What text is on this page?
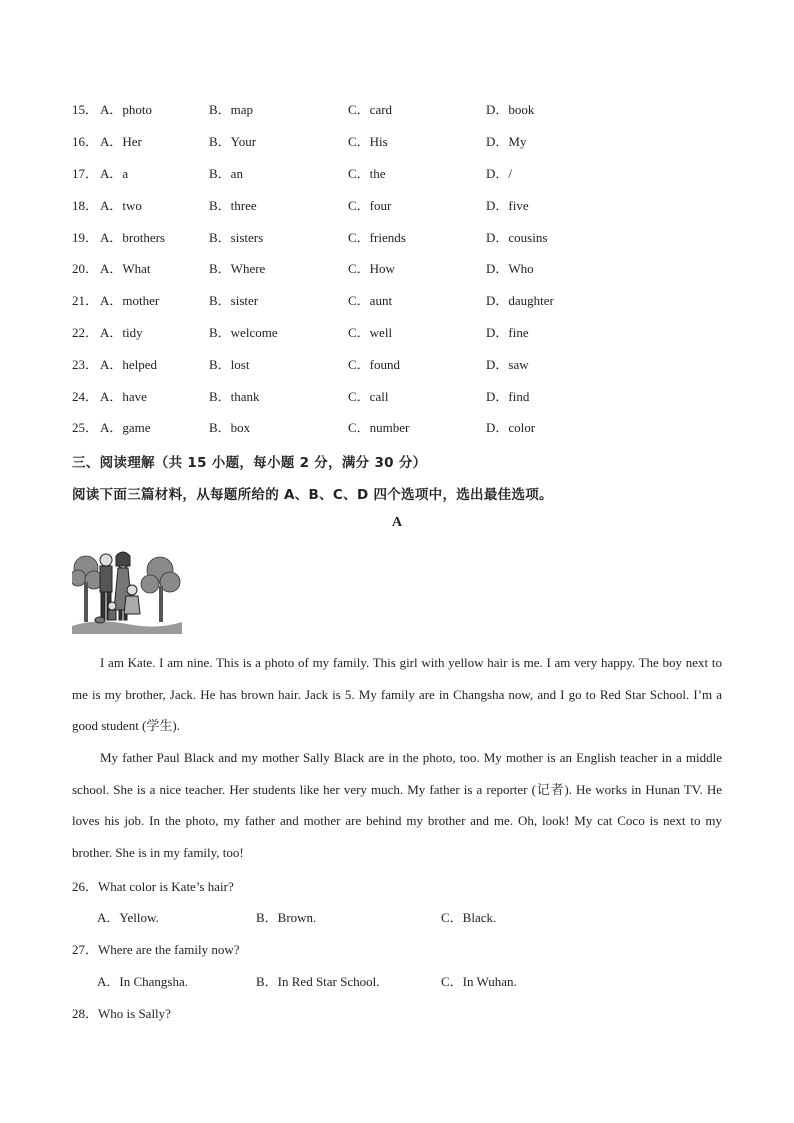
15． A．photo	B．map	C．card	D．book
16． A．Her	B．Your	C．His	D．My
17． A．a	B．an	C．the	D．/
18． A．two	B．three	C．four	D．five
19． A．brothers	B．sisters	C．friends	D．cousins
20． A．What	B．Where	C．How	D．Who
21． A．mother	B．sister	C．aunt	D．daughter
22． A．tidy	B．welcome	C．well	D．fine
23． A．helped	B．lost	C．found	D．saw
24． A．have	B．thank	C．call	D．find
25． A．game	B．box	C．number	D．color
三、阅读理解（共 15 小题，每小题 2 分，满分 30 分）
阅读下面三篇材料，从每题所给的 A、B、C、D 四个选项中，选出最佳选项。
A

I am Kate. I am nine. This is a photo of my family. This girl with yellow hair is me. I am very happy. The boy next to me is my brother, Jack. He has brown hair. Jack is 5. My family are in Changsha now, and I go to Red Star School. I’m a good student (学生).

My father Paul Black and my mother Sally Black are in the photo, too. My mother is an English teacher in a middle school. She is a nice teacher. Her students like her very much. My father is a reporter (记者). He works in Hunan TV. He loves his job. In the photo, my father and mother are behind my brother and me. Oh, look! My cat Coco is next to my brother. She is in my family, too!

26．What color is Kate’s hair?
A．Yellow.	B．Brown.	C．Black.
27．Where are the family now?
A．In Changsha.	B．In Red Star School.	C．In Wuhan.
28．Who is Sally?
